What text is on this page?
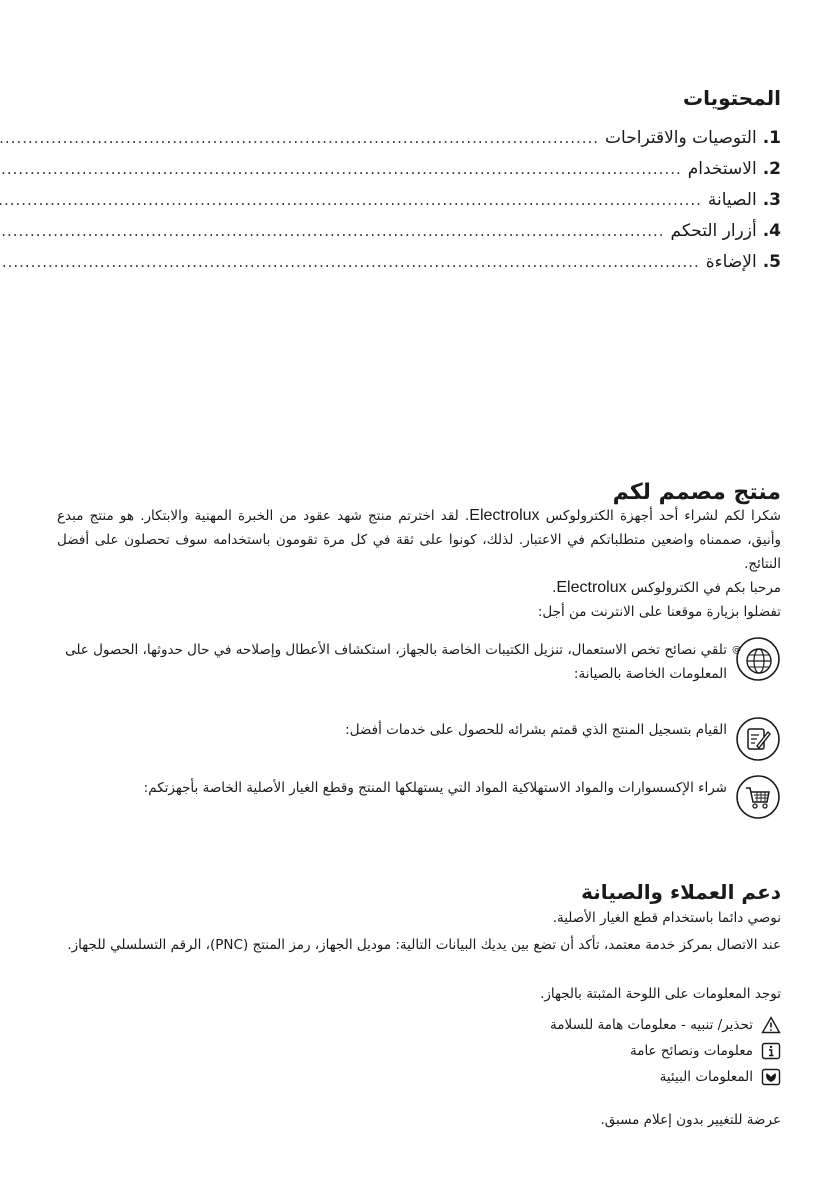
المحتويات
.1
التوصيات والاقتراحات
.....
.2
الاستخدام
.....
.3
الصيانة
.....
.4
أزرار التحكم
.....
.5
الإضاءة
.....
منتج مصمم لكم
شكرا لكم لشراء أحد أجهزة الكترولوكس Electrolux. لقد اخترتم منتج شهد عقود من الخبرة المهنية والابتكار. هو منتج مبدع وأنيق، صممناه واضعين متطلباتكم في الاعتبار. لذلك، كونوا على ثقة في كل مرة تقومون باستخدامه سوف تحصلون على أفضل النتائج.
مرحبا بكم في الكترولوكس Electrolux.
تفضلوا بزيارة موقعنا على الانترنت من أجل:
@
تلقي نصائح تخص الاستعمال، تنزيل الكتيبات الخاصة بالجهاز، استكشاف الأعطال وإصلاحه في حال حدوثها، الحصول على المعلومات الخاصة بالصيانة:
القيام بتسجيل المنتج الذي قمتم بشرائه للحصول على خدمات أفضل:
شراء الإكسسوارات والمواد الاستهلاكية المواد التي يستهلكها المنتج وقطع الغيار الأصلية الخاصة بأجهزتكم:
دعم العملاء والصيانة
نوصي دائما باستخدام قطع الغيار الأصلية.
عند الاتصال بمركز خدمة معتمد، تأكد أن تضع بين يديك البيانات التالية: موديل الجهاز، رمز المنتج (PNC)، الرقم التسلسلي للجهاز.
توجد المعلومات على اللوحة المثبتة بالجهاز.
تحذير/ تنبيه - معلومات هامة للسلامة
معلومات ونصائح عامة
المعلومات البيئية
عرضة للتغيير بدون إعلام مسبق.
